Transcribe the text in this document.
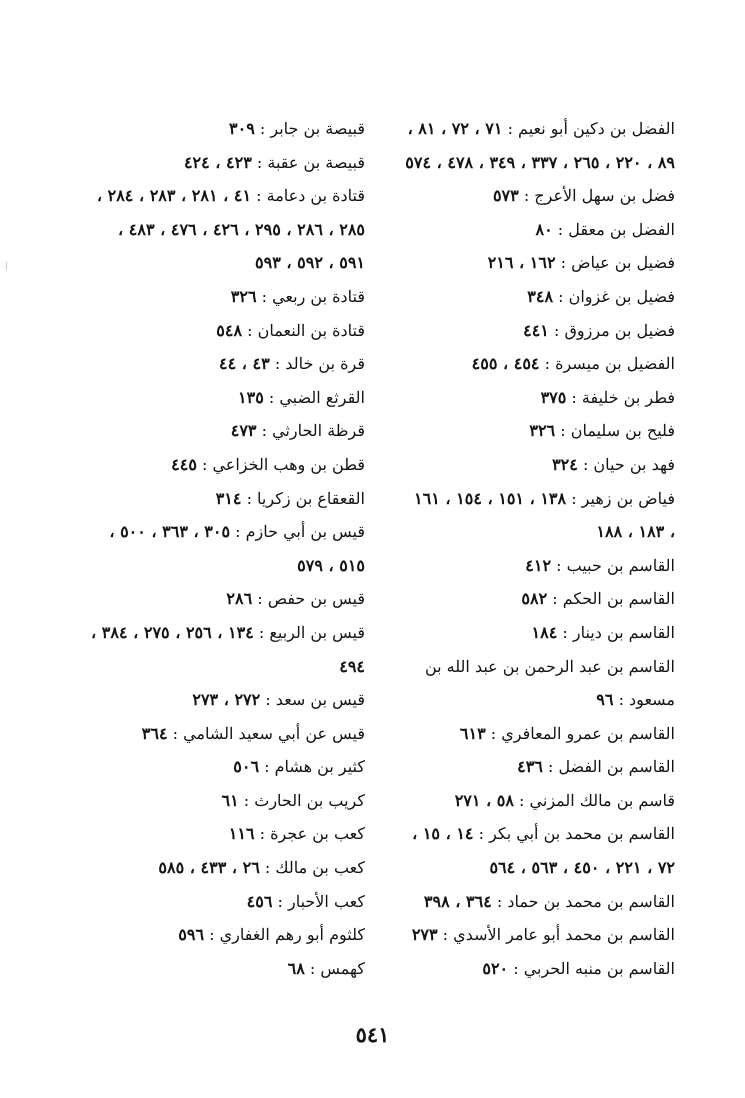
الفضل بن دكين أبو نعيم : ٧١ ، ٧٢ ، ٨١ ، ٨٩ ، ٢٢٠ ، ٢٦٥ ، ٣٣٧ ، ٣٤٩ ، ٤٧٨ ، ٥٧٤
فضل بن سهل الأعرج : ٥٧٣
الفضل بن معقل : ٨٠
فضيل بن عياض : ١٦٢ ، ٢١٦
فضيل بن غزوان : ٣٤٨
فضيل بن مرزوق : ٤٤١
الفضيل بن ميسرة : ٤٥٤ ، ٤٥٥
فطر بن خليفة : ٣٧٥
فليح بن سليمان : ٣٢٦
فهد بن حيان : ٣٢٤
فياض بن زهير : ١٣٨ ، ١٥١ ، ١٥٤ ، ١٦١ ، ١٨٣ ، ١٨٨
القاسم بن حبيب : ٤١٢
القاسم بن الحكم : ٥٨٢
القاسم بن دينار : ١٨٤
القاسم بن عبد الرحمن بن عبد الله بن مسعود : ٩٦
القاسم بن عمرو المعافري : ٦١٣
القاسم بن الفضل : ٤٣٦
قاسم بن مالك المزني : ٥٨ ، ٢٧١
القاسم بن محمد بن أبي بكر : ١٤ ، ١٥ ، ٧٢ ، ٢٢١ ، ٤٥٠ ، ٥٦٣ ، ٥٦٤
القاسم بن محمد بن حماد : ٣٦٤ ، ٣٩٨
القاسم بن محمد أبو عامر الأسدي : ٢٧٣
القاسم بن منبه الحربي : ٥٢٠
قبيصة بن جابر : ٣٠٩
قبيصة بن عقبة : ٤٢٣ ، ٤٢٤
قتادة بن دعامة : ٤١ ، ٢٨١ ، ٢٨٣ ، ٢٨٤ ، ٢٨٥ ، ٢٨٦ ، ٢٩٥ ، ٤٢٦ ، ٤٧٦ ، ٤٨٣ ، ٥٩١ ، ٥٩٢ ، ٥٩٣
قتادة بن ربعي : ٣٢٦
قتادة بن النعمان : ٥٤٨
قرة بن خالد : ٤٣ ، ٤٤
القرثع الضبي : ١٣٥
قرظة الحارثي : ٤٧٣
قطن بن وهب الخزاعي : ٤٤٥
القعقاع بن زكريا : ٣١٤
قيس بن أبي حازم : ٣٠٥ ، ٣٦٣ ، ٥٠٠ ، ٥١٥ ، ٥٧٩
قيس بن حفص : ٢٨٦
قيس بن الربيع : ١٣٤ ، ٢٥٦ ، ٢٧٥ ، ٣٨٤ ، ٤٩٤
قيس بن سعد : ٢٧٢ ، ٢٧٣
قيس عن أبي سعيد الشامي : ٣٦٤
كثير بن هشام : ٥٠٦
كريب بن الحارث : ٦١
كعب بن عجرة : ١١٦
كعب بن مالك : ٢٦ ، ٤٣٣ ، ٥٨٥
كعب الأحبار : ٤٥٦
كلثوم أبو رهم الغفاري : ٥٩٦
كهمس : ٦٨
٥٤١
